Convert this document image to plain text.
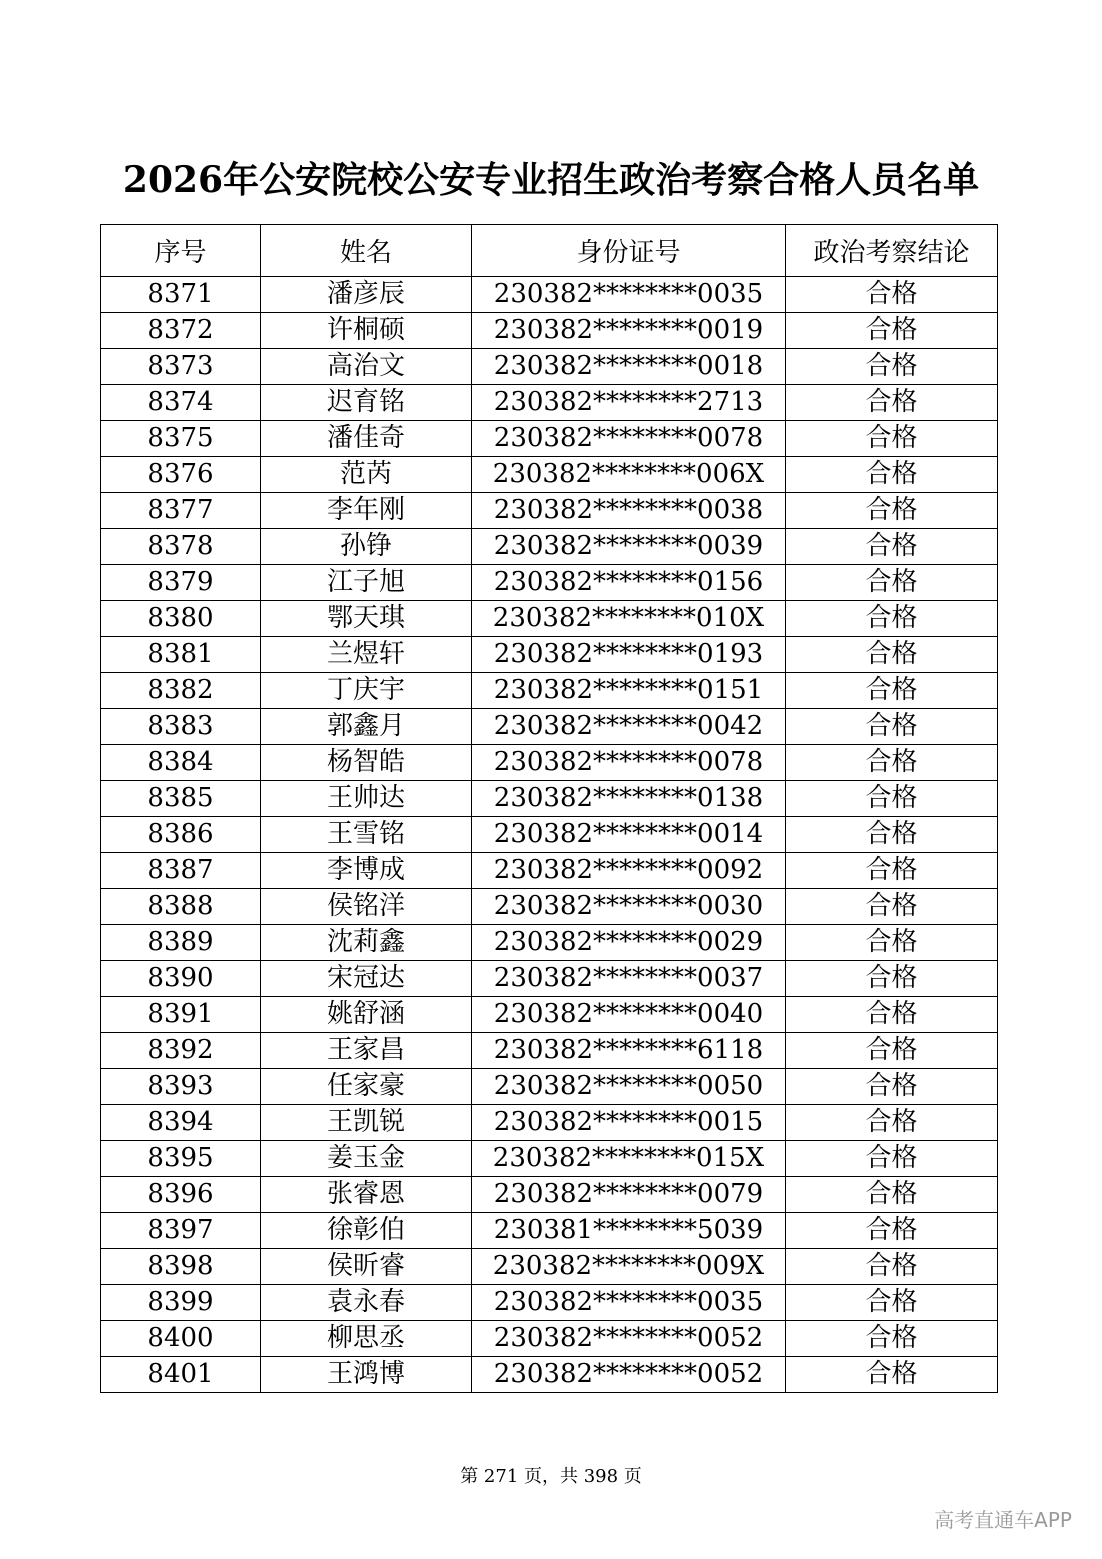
2026年公安院校公安专业招生政治考察合格人员名单
序号	姓名	身份证号	政治考察结论
8371	潘彦辰	230382********0035	合格
8372	许桐硕	230382********0019	合格
8373	高治文	230382********0018	合格
8374	迟育铭	230382********2713	合格
8375	潘佳奇	230382********0078	合格
8376	范芮	230382********006X	合格
8377	李年刚	230382********0038	合格
8378	孙铮	230382********0039	合格
8379	江子旭	230382********0156	合格
8380	鄂天琪	230382********010X	合格
8381	兰煜轩	230382********0193	合格
8382	丁庆宇	230382********0151	合格
8383	郭鑫月	230382********0042	合格
8384	杨智皓	230382********0078	合格
8385	王帅达	230382********0138	合格
8386	王雪铭	230382********0014	合格
8387	李博成	230382********0092	合格
8388	侯铭洋	230382********0030	合格
8389	沈莉鑫	230382********0029	合格
8390	宋冠达	230382********0037	合格
8391	姚舒涵	230382********0040	合格
8392	王家昌	230382********6118	合格
8393	任家豪	230382********0050	合格
8394	王凯锐	230382********0015	合格
8395	姜玉金	230382********015X	合格
8396	张睿恩	230382********0079	合格
8397	徐彰伯	230381********5039	合格
8398	侯昕睿	230382********009X	合格
8399	袁永春	230382********0035	合格
8400	柳思丞	230382********0052	合格
8401	王鸿博	230382********0052	合格
第 271 页，共 398 页
高考直通车APP
